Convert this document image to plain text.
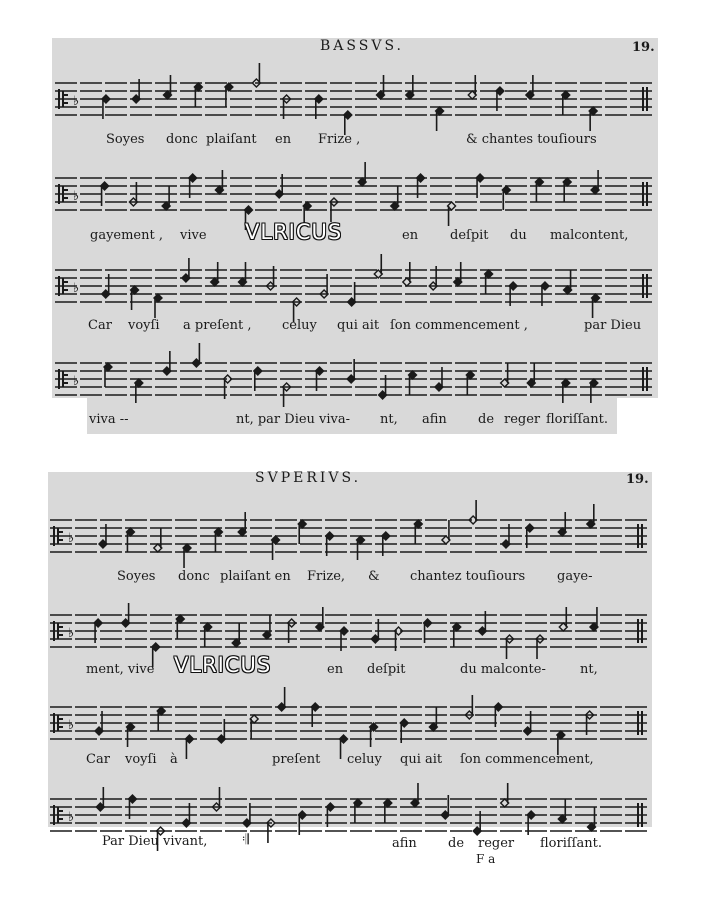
BASSVS.	19.
♭
♭
♭
♭
Soyes donc plaiſant en Frize ,	& chantes touſiours
gayement , vive VLRICUS	en deſpit du malcontent,
Car voyſi a preſent , celuy qui ait ſon commencement ,	par Dieu
viva --	nt, par Dieu viva- nt, afin de reger floriſſant.
SVPERIVS.	19.
♭
♭
♭
♭
Soyes donc plaiſant en Frize, & chantez touſiours gaye-
ment, vive VLRICUS	en deſpit	du malconte-	nt,
Car voyſi à	preſent celuy qui ait ſon commencement,
Par Dieu vivant, 𝄇	afin de reger floriſſant.
F a
